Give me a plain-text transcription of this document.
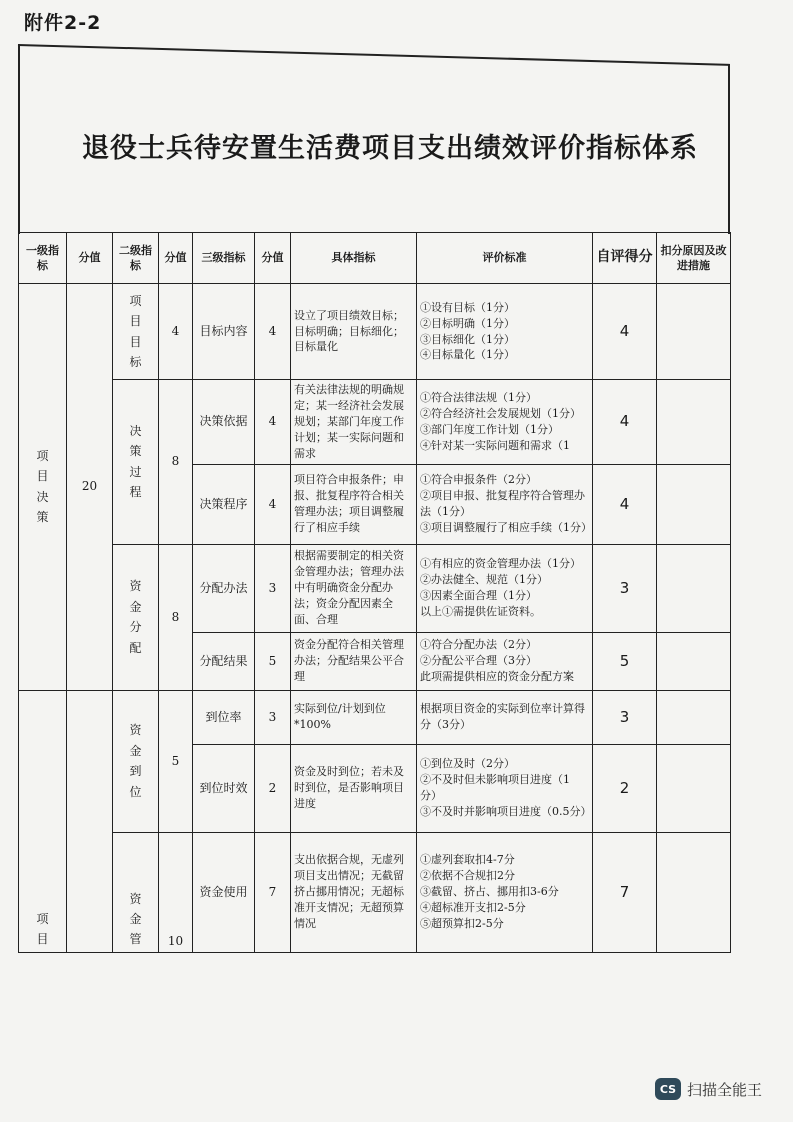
附件2-2
退役士兵待安置生活费项目支出绩效评价指标体系
一级指标	分值	二级指标	分值	三级指标	分值	具体指标	评价标准	自评得分	扣分原因及改进措施
项目决策	20	项目目标	4	目标内容	4	设立了项目绩效目标；目标明确；目标细化；目标量化	①设有目标（1分）
②目标明确（1分）
③目标细化（1分）
④目标量化（1分）	4	
		决策过程	8	决策依据	4	有关法律法规的明确规定；某一经济社会发展规划；某部门年度工作计划；某一实际问题和需求	①符合法律法规（1分）
②符合经济社会发展规划（1分）
③部门年度工作计划（1分）
④针对某一实际问题和需求（1	4	
				决策程序	4	项目符合申报条件；申报、批复程序符合相关管理办法；项目调整履行了相应手续	①符合申报条件（2分）
②项目申报、批复程序符合管理办法（1分）
③项目调整履行了相应手续（1分）	4	
		资金分配	8	分配办法	3	根据需要制定的相关资金管理办法；管理办法中有明确资金分配办法；资金分配因素全面、合理	①有相应的资金管理办法（1分）
②办法健全、规范（1分）
③因素全面合理（1分）
以上①需提供佐证资料。	3	
				分配结果	5	资金分配符合相关管理办法；分配结果公平合理	①符合分配办法（2分）
②分配公平合理（3分）
此项需提供相应的资金分配方案	5	
项目		资金到位	5	到位率	3	实际到位/计划到位*100%	根据项目资金的实际到位率计算得分（3分）	3	
				到位时效	2	资金及时到位；若未及时到位，是否影响项目进度	①到位及时（2分）
②不及时但未影响项目进度（1分）
③不及时并影响项目进度（0.5分）	2	
		资金管	10	资金使用	7	支出依据合规，无虚列项目支出情况；无截留挤占挪用情况；无超标准开支情况；无超预算情况	①虚列套取扣4-7分
②依据不合规扣2分
③截留、挤占、挪用扣3-6分
④超标准开支扣2-5分
⑤超预算扣2-5分	7	
CS 扫描全能王
